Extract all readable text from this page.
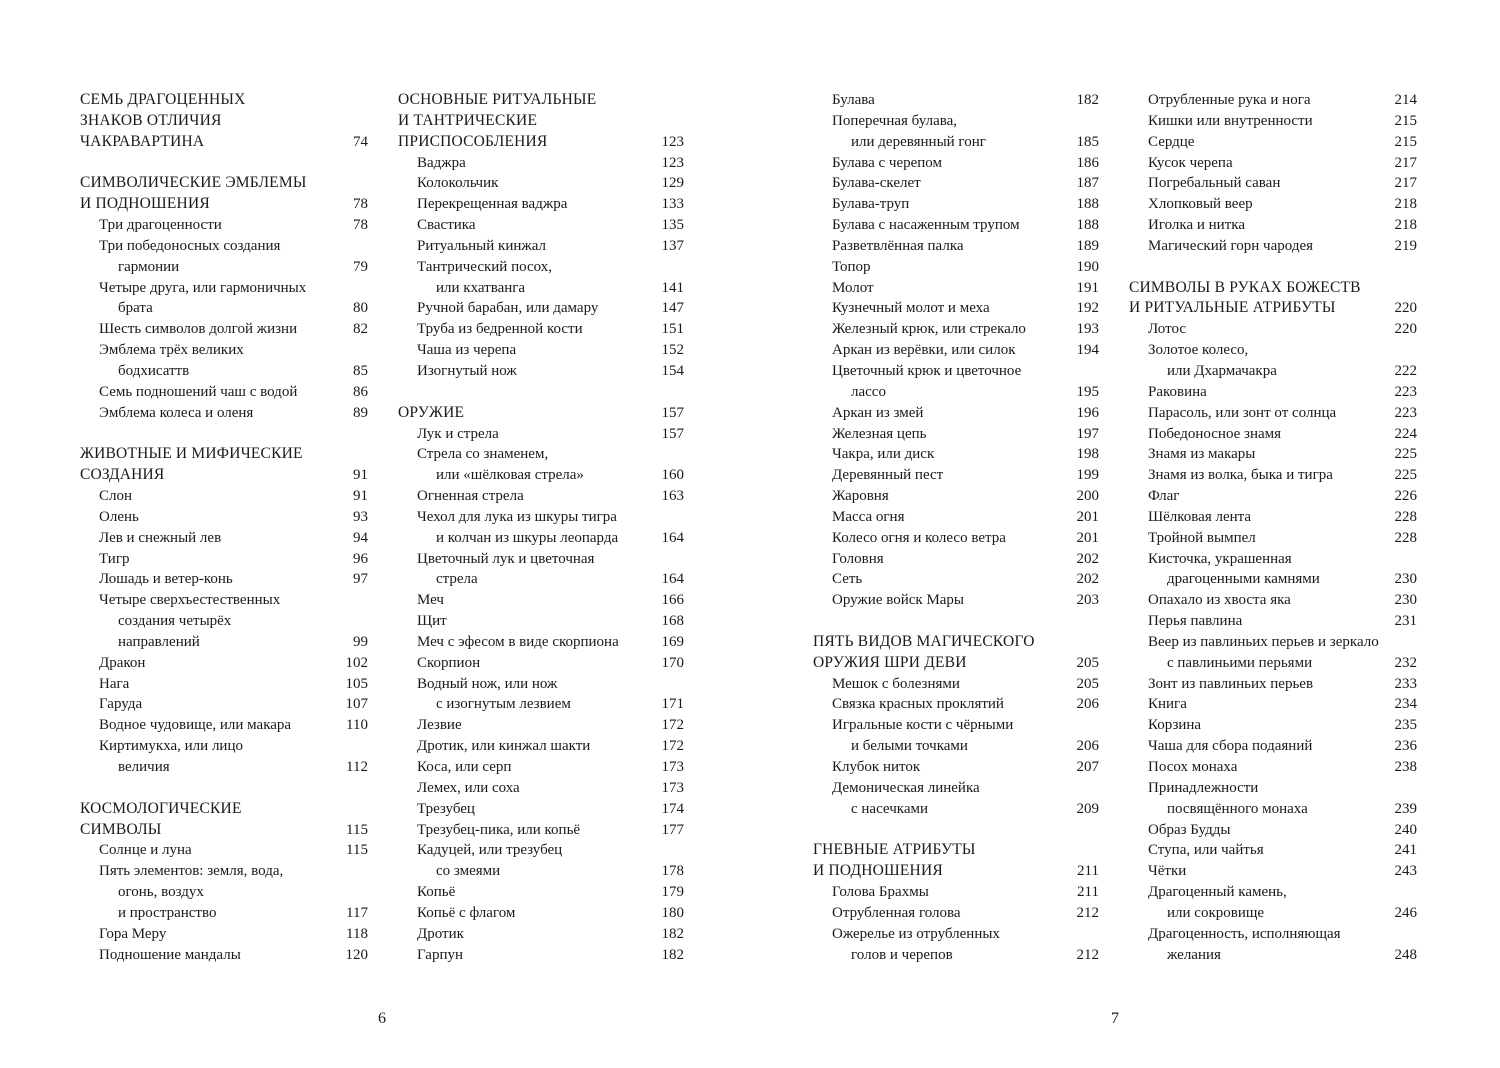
СЕМЬ ДРАГОЦЕННЫХ
ЗНАКОВ ОТЛИЧИЯ
ЧАКРАВАРТИНА	74
СИМВОЛИЧЕСКИЕ ЭМБЛЕМЫ
И ПОДНОШЕНИЯ	78
Три драгоценности	78
Три победоносных создания
гармонии	79
Четыре друга, или гармоничных
брата	80
Шесть символов долгой жизни	82
Эмблема трёх великих
бодхисаттв	85
Семь подношений чаш с водой	86
Эмблема колеса и оленя	89
ЖИВОТНЫЕ И МИФИЧЕСКИЕ
СОЗДАНИЯ	91
Слон	91
Олень	93
Лев и снежный лев	94
Тигр	96
Лошадь и ветер-конь	97
Четыре сверхъестественных
создания четырёх
направлений	99
Дракон	102
Нага	105
Гаруда	107
Водное чудовище, или макара	110
Киртимукха, или лицо
величия	112
КОСМОЛОГИЧЕСКИЕ
СИМВОЛЫ	115
Солнце и луна	115
Пять элементов: земля, вода,
огонь, воздух
и пространство	117
Гора Меру	118
Подношение мандалы	120
ОСНОВНЫЕ РИТУАЛЬНЫЕ
И ТАНТРИЧЕСКИЕ
ПРИСПОСОБЛЕНИЯ	123
Ваджра	123
Колокольчик	129
Перекрещенная ваджра	133
Свастика	135
Ритуальный кинжал	137
Тантрический посох,
или кхатванга	141
Ручной барабан, или дамару	147
Труба из бедренной кости	151
Чаша из черепа	152
Изогнутый нож	154
ОРУЖИЕ	157
Лук и стрела	157
Стрела со знаменем,
или «шёлковая стрела»	160
Огненная стрела	163
Чехол для лука из шкуры тигра
и колчан из шкуры леопарда	164
Цветочный лук и цветочная
стрела	164
Меч	166
Щит	168
Меч с эфесом в виде скорпиона	169
Скорпион	170
Водный нож, или нож
с изогнутым лезвием	171
Лезвие	172
Дротик, или кинжал шакти	172
Коса, или серп	173
Лемех, или соха	173
Трезубец	174
Трезубец-пика, или копьё	177
Кадуцей, или трезубец
со змеями	178
Копьё	179
Копьё с флагом	180
Дротик	182
Гарпун	182
Булава	182
Поперечная булава,
или деревянный гонг	185
Булава с черепом	186
Булава-скелет	187
Булава-труп	188
Булава с насаженным трупом	188
Разветвлённая палка	189
Топор	190
Молот	191
Кузнечный молот и меха	192
Железный крюк, или стрекало	193
Аркан из верёвки, или силок	194
Цветочный крюк и цветочное
лассо	195
Аркан из змей	196
Железная цепь	197
Чакра, или диск	198
Деревянный пест	199
Жаровня	200
Масса огня	201
Колесо огня и колесо ветра	201
Головня	202
Сеть	202
Оружие войск Мары	203
ПЯТЬ ВИДОВ МАГИЧЕСКОГО
ОРУЖИЯ ШРИ ДЕВИ	205
Мешок с болезнями	205
Связка красных проклятий	206
Игральные кости с чёрными
и белыми точками	206
Клубок ниток	207
Демоническая линейка
с насечками	209
ГНЕВНЫЕ АТРИБУТЫ
И ПОДНОШЕНИЯ	211
Голова Брахмы	211
Отрубленная голова	212
Ожерелье из отрубленных
голов и черепов	212
Отрубленные рука и нога	214
Кишки или внутренности	215
Сердце	215
Кусок черепа	217
Погребальный саван	217
Хлопковый веер	218
Иголка и нитка	218
Магический горн чародея	219
СИМВОЛЫ В РУКАХ БОЖЕСТВ
И РИТУАЛЬНЫЕ АТРИБУТЫ	220
Лотос	220
Золотое колесо,
или Дхармачакра	222
Раковина	223
Парасоль, или зонт от солнца	223
Победоносное знамя	224
Знамя из макары	225
Знамя из волка, быка и тигра	225
Флаг	226
Шёлковая лента	228
Тройной вымпел	228
Кисточка, украшенная
драгоценными камнями	230
Опахало из хвоста яка	230
Перья павлина	231
Веер из павлиньих перьев и зеркало
с павлиньими перьями	232
Зонт из павлиньих перьев	233
Книга	234
Корзина	235
Чаша для сбора подаяний	236
Посох монаха	238
Принадлежности
посвящённого монаха	239
Образ Будды	240
Ступа, или чайтья	241
Чётки	243
Драгоценный камень,
или сокровище	246
Драгоценность, исполняющая
желания	248
6	7
